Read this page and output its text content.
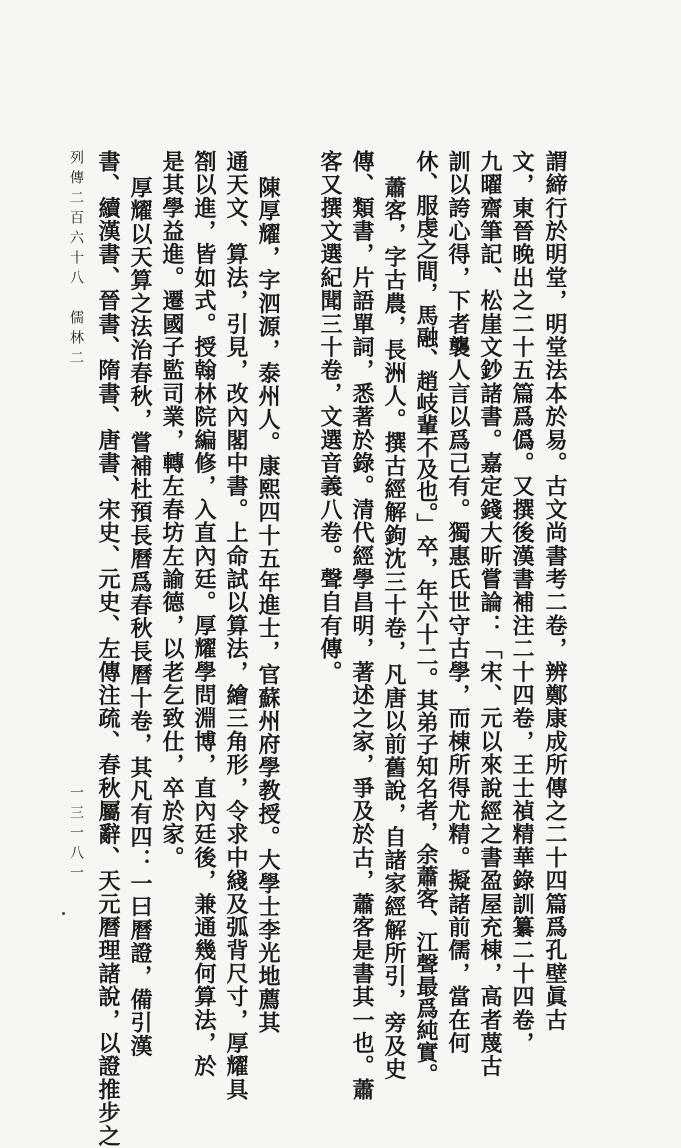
謂締行於明堂，明堂法本於易。古文尚書考二卷，辨鄭康成所傳之二十四篇爲孔壁眞古
文，東晉晚出之二十五篇爲僞。又撰後漢書補注二十四卷，王士禎精華錄訓纂二十四卷，
九曜齋筆記、松崖文鈔諸書。嘉定錢大昕嘗論：「宋、元以來說經之書盈屋充棟，高者蔑古
訓以誇心得，下者襲人言以爲己有。獨惠氏世守古學，而棟所得尤精。擬諸前儒，當在何
休、服虔之間，馬融、趙岐輩不及也。」卒，年六十二。其弟子知名者，余蕭客、江聲最爲純實。
蕭客，字古農，長洲人。撰古經解鉤沈三十卷，凡唐以前舊說，自諸家經解所引，旁及史
傳、類書，片語單詞，悉著於錄。清代經學昌明，著述之家，爭及於古，蕭客是書其一也。蕭
客又撰文選紀聞三十卷，文選音義八卷。聲自有傳。
陳厚耀，字泗源，泰州人。康熙四十五年進士，官蘇州府學教授。大學士李光地薦其
通天文、算法，引見，改內閣中書。上命試以算法，繪三角形，令求中綫及弧背尺寸，厚耀具
劄以進，皆如式。授翰林院編修，入直內廷。厚耀學問淵博，直內廷後，兼通幾何算法，於
是其學益進。遷國子監司業，轉左春坊左諭德，以老乞致仕，卒於家。
厚耀以天算之法治春秋，嘗補杜預長曆爲春秋長曆十卷，其凡有四：一曰曆證，備引漢
書、續漢書、晉書、隋書、唐書、宋史、元史、左傳注疏、春秋屬辭、天元曆理諸說，以證推步之
列傳二百六十八　儒林二
一三一八一
